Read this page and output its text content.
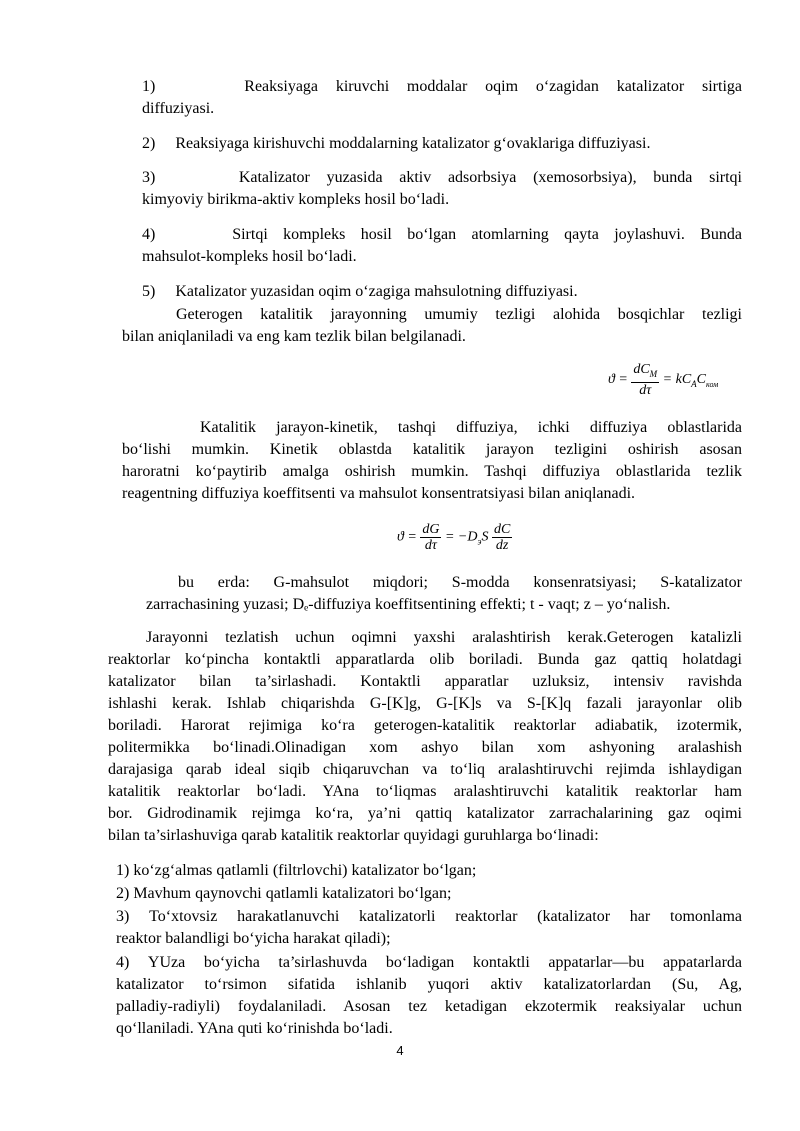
1)     Reaksiyaga kiruvchi moddalar oqim o‘zagidan katalizator sirtiga
diffuziyasi.
2)     Reaksiyaga kirishuvchi moddalarning katalizator g‘ovaklariga diffuziyasi.
3)     Katalizator yuzasida aktiv adsorbsiya (xemosorbsiya), bunda sirtqi
kimyoviy birikma-aktiv kompleks hosil bo‘ladi.
4)     Sirtqi kompleks hosil bo‘lgan atomlarning qayta joylashuvi. Bunda
mahsulot-kompleks hosil bo‘ladi.
5)     Katalizator yuzasidan oqim o‘zagiga mahsulotning diffuziyasi.
Geterogen katalitik jarayonning umumiy tezligi alohida bosqichlar tezligi
bilan aniqlaniladi va eng kam tezlik bilan belgilanadi.
$ϑ = \frac{dC_M}{d\tau} = kC_AC_{ком}$
Katalitik jarayon-kinetik, tashqi diffuziya, ichki diffuziya oblastlarida
bo‘lishi mumkin. Kinetik oblastda katalitik jarayon tezligini oshirish asosan
haroratni ko‘paytirib amalga oshirish mumkin. Tashqi diffuziya oblastlarida tezlik
reagentning diffuziya koeffitsenti va mahsulot konsentratsiyasi bilan aniqlanadi.
$ϑ = \frac{dG}{d\tau} = -D_эS \frac{dC}{dz}$
bu erda: G-mahsulot miqdori; S-modda konsenratsiyasi; S-katalizator
zarrachasining yuzasi; Dₑ-diffuziya koeffitsentining effekti; t - vaqt; z – yo‘nalish.
Jarayonni tezlatish uchun oqimni yaxshi aralashtirish kerak.Geterogen katalizli
reaktorlar ko‘pincha kontaktli apparatlarda olib boriladi. Bunda gaz qattiq holatdagi
katalizator bilan ta’sirlashadi. Kontaktli apparatlar uzluksiz, intensiv ravishda
ishlashi kerak. Ishlab chiqarishda G-[K]g, G-[K]s va S-[K]q fazali jarayonlar olib
boriladi. Harorat rejimiga ko‘ra geterogen-katalitik reaktorlar adiabatik, izotermik,
politermikka bo‘linadi.Olinadigan xom ashyo bilan xom ashyoning aralashish
darajasiga qarab ideal siqib chiqaruvchan va to‘liq aralashtiruvchi rejimda ishlaydigan
katalitik reaktorlar bo‘ladi. YAna to‘liqmas aralashtiruvchi katalitik reaktorlar ham
bor. Gidrodinamik rejimga ko‘ra, ya’ni qattiq katalizator zarrachalarining gaz oqimi
bilan ta’sirlashuviga qarab katalitik reaktorlar quyidagi guruhlarga bo‘linadi:
1) ko‘zg‘almas qatlamli (filtrlovchi) katalizator bo‘lgan;
2) Mavhum qaynovchi qatlamli katalizatori bo‘lgan;
3) To‘xtovsiz harakatlanuvchi katalizatorli reaktorlar (katalizator har tomonlama
reaktor balandligi bo‘yicha harakat qiladi);
4) YUza bo‘yicha ta’sirlashuvda bo‘ladigan kontaktli appatarlar—bu appatarlarda
katalizator to‘rsimon sifatida ishlanib yuqori aktiv katalizatorlardan (Su, Ag,
palladiy-radiyli) foydalaniladi. Asosan tez ketadigan ekzotermik reaksiyalar uchun
qo‘llaniladi. YAna quti ko‘rinishda bo‘ladi.
4
